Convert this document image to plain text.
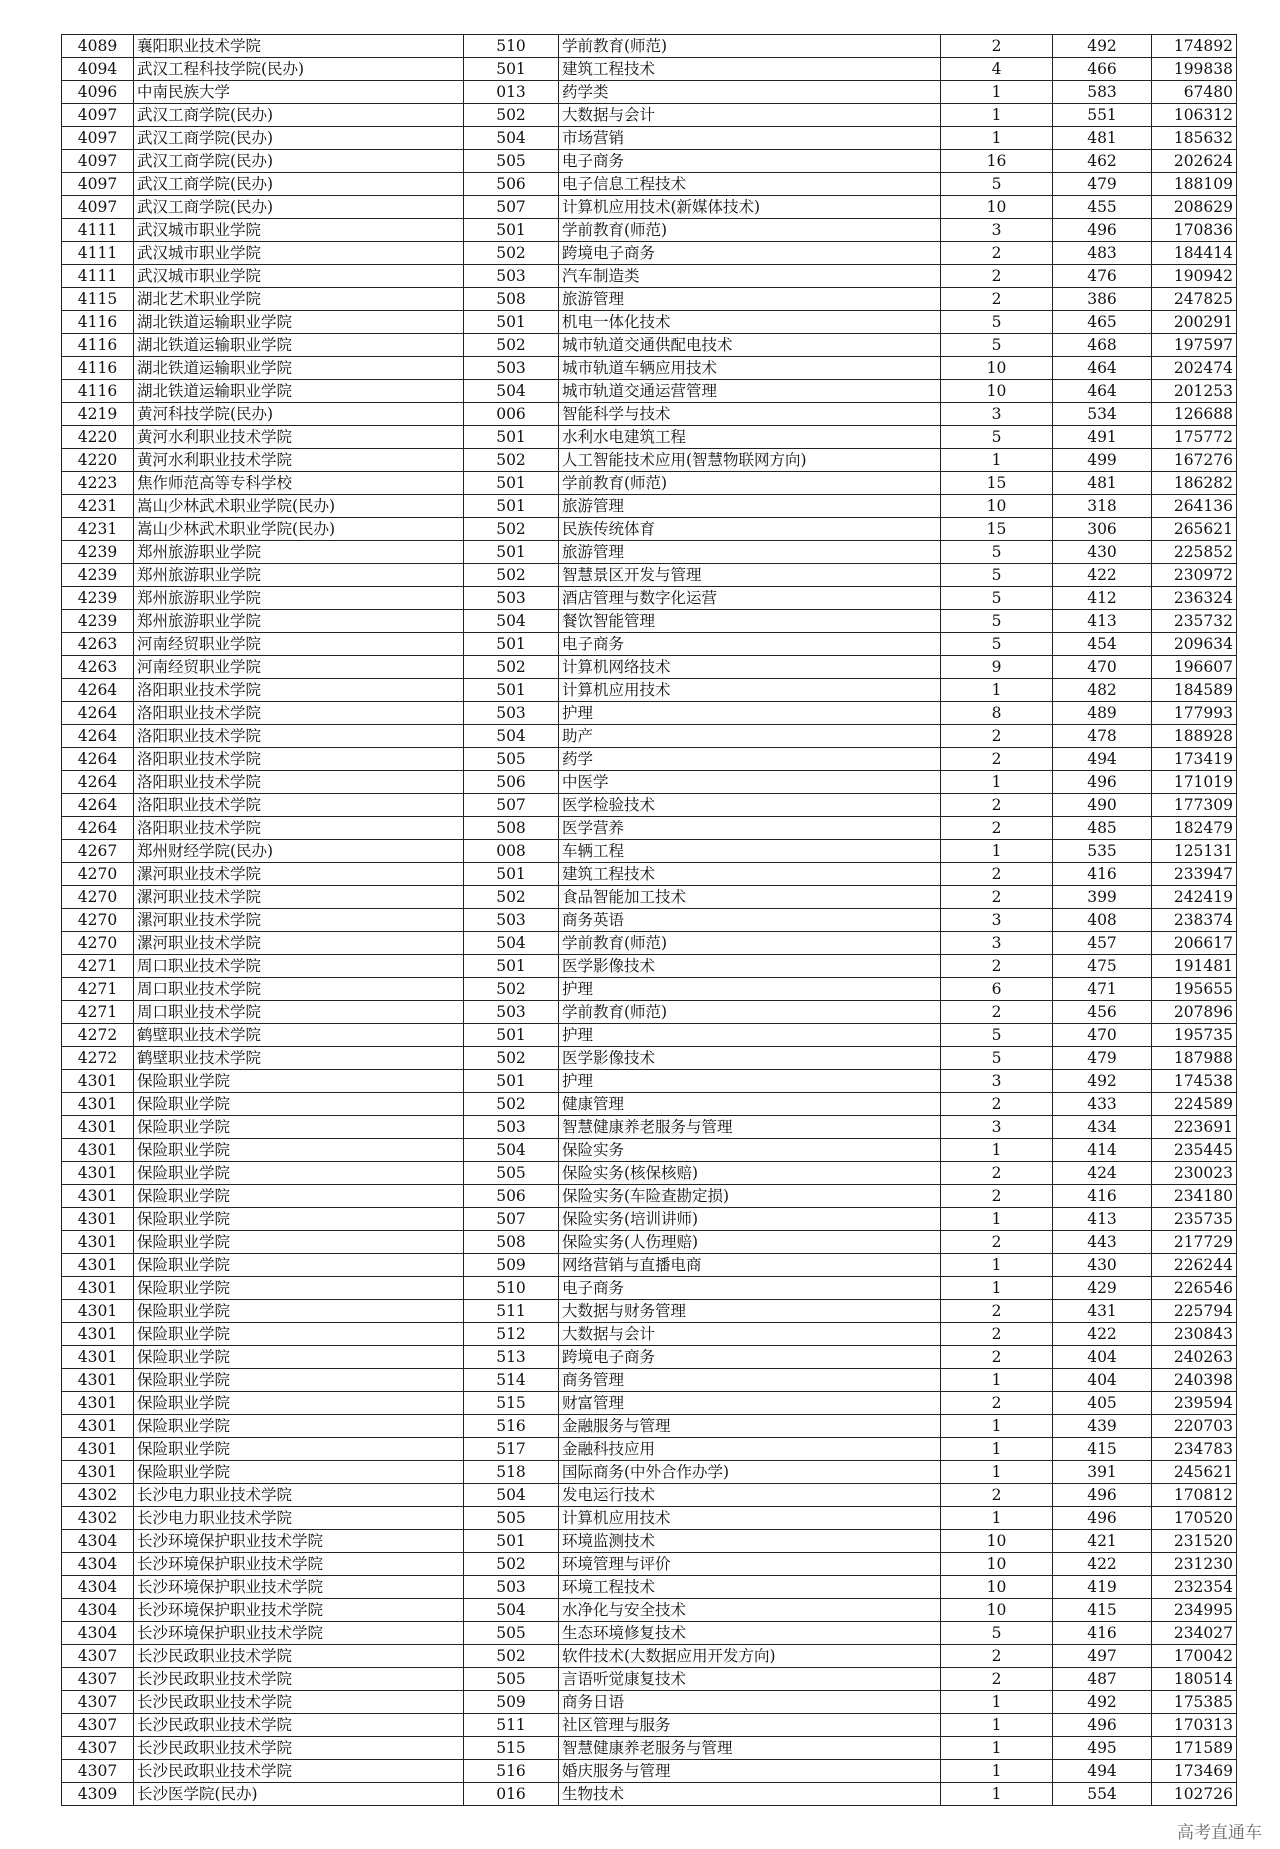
4089	襄阳职业技术学院	510	学前教育(师范)	2	492	174892
4094	武汉工程科技学院(民办)	501	建筑工程技术	4	466	199838
4096	中南民族大学	013	药学类	1	583	67480
4097	武汉工商学院(民办)	502	大数据与会计	1	551	106312
4097	武汉工商学院(民办)	504	市场营销	1	481	185632
4097	武汉工商学院(民办)	505	电子商务	16	462	202624
4097	武汉工商学院(民办)	506	电子信息工程技术	5	479	188109
4097	武汉工商学院(民办)	507	计算机应用技术(新媒体技术)	10	455	208629
4111	武汉城市职业学院	501	学前教育(师范)	3	496	170836
4111	武汉城市职业学院	502	跨境电子商务	2	483	184414
4111	武汉城市职业学院	503	汽车制造类	2	476	190942
4115	湖北艺术职业学院	508	旅游管理	2	386	247825
4116	湖北铁道运输职业学院	501	机电一体化技术	5	465	200291
4116	湖北铁道运输职业学院	502	城市轨道交通供配电技术	5	468	197597
4116	湖北铁道运输职业学院	503	城市轨道车辆应用技术	10	464	202474
4116	湖北铁道运输职业学院	504	城市轨道交通运营管理	10	464	201253
4219	黄河科技学院(民办)	006	智能科学与技术	3	534	126688
4220	黄河水利职业技术学院	501	水利水电建筑工程	5	491	175772
4220	黄河水利职业技术学院	502	人工智能技术应用(智慧物联网方向)	1	499	167276
4223	焦作师范高等专科学校	501	学前教育(师范)	15	481	186282
4231	嵩山少林武术职业学院(民办)	501	旅游管理	10	318	264136
4231	嵩山少林武术职业学院(民办)	502	民族传统体育	15	306	265621
4239	郑州旅游职业学院	501	旅游管理	5	430	225852
4239	郑州旅游职业学院	502	智慧景区开发与管理	5	422	230972
4239	郑州旅游职业学院	503	酒店管理与数字化运营	5	412	236324
4239	郑州旅游职业学院	504	餐饮智能管理	5	413	235732
4263	河南经贸职业学院	501	电子商务	5	454	209634
4263	河南经贸职业学院	502	计算机网络技术	9	470	196607
4264	洛阳职业技术学院	501	计算机应用技术	1	482	184589
4264	洛阳职业技术学院	503	护理	8	489	177993
4264	洛阳职业技术学院	504	助产	2	478	188928
4264	洛阳职业技术学院	505	药学	2	494	173419
4264	洛阳职业技术学院	506	中医学	1	496	171019
4264	洛阳职业技术学院	507	医学检验技术	2	490	177309
4264	洛阳职业技术学院	508	医学营养	2	485	182479
4267	郑州财经学院(民办)	008	车辆工程	1	535	125131
4270	漯河职业技术学院	501	建筑工程技术	2	416	233947
4270	漯河职业技术学院	502	食品智能加工技术	2	399	242419
4270	漯河职业技术学院	503	商务英语	3	408	238374
4270	漯河职业技术学院	504	学前教育(师范)	3	457	206617
4271	周口职业技术学院	501	医学影像技术	2	475	191481
4271	周口职业技术学院	502	护理	6	471	195655
4271	周口职业技术学院	503	学前教育(师范)	2	456	207896
4272	鹤壁职业技术学院	501	护理	5	470	195735
4272	鹤壁职业技术学院	502	医学影像技术	5	479	187988
4301	保险职业学院	501	护理	3	492	174538
4301	保险职业学院	502	健康管理	2	433	224589
4301	保险职业学院	503	智慧健康养老服务与管理	3	434	223691
4301	保险职业学院	504	保险实务	1	414	235445
4301	保险职业学院	505	保险实务(核保核赔)	2	424	230023
4301	保险职业学院	506	保险实务(车险查勘定损)	2	416	234180
4301	保险职业学院	507	保险实务(培训讲师)	1	413	235735
4301	保险职业学院	508	保险实务(人伤理赔)	2	443	217729
4301	保险职业学院	509	网络营销与直播电商	1	430	226244
4301	保险职业学院	510	电子商务	1	429	226546
4301	保险职业学院	511	大数据与财务管理	2	431	225794
4301	保险职业学院	512	大数据与会计	2	422	230843
4301	保险职业学院	513	跨境电子商务	2	404	240263
4301	保险职业学院	514	商务管理	1	404	240398
4301	保险职业学院	515	财富管理	2	405	239594
4301	保险职业学院	516	金融服务与管理	1	439	220703
4301	保险职业学院	517	金融科技应用	1	415	234783
4301	保险职业学院	518	国际商务(中外合作办学)	1	391	245621
4302	长沙电力职业技术学院	504	发电运行技术	2	496	170812
4302	长沙电力职业技术学院	505	计算机应用技术	1	496	170520
4304	长沙环境保护职业技术学院	501	环境监测技术	10	421	231520
4304	长沙环境保护职业技术学院	502	环境管理与评价	10	422	231230
4304	长沙环境保护职业技术学院	503	环境工程技术	10	419	232354
4304	长沙环境保护职业技术学院	504	水净化与安全技术	10	415	234995
4304	长沙环境保护职业技术学院	505	生态环境修复技术	5	416	234027
4307	长沙民政职业技术学院	502	软件技术(大数据应用开发方向)	2	497	170042
4307	长沙民政职业技术学院	505	言语听觉康复技术	2	487	180514
4307	长沙民政职业技术学院	509	商务日语	1	492	175385
4307	长沙民政职业技术学院	511	社区管理与服务	1	496	170313
4307	长沙民政职业技术学院	515	智慧健康养老服务与管理	1	495	171589
4307	长沙民政职业技术学院	516	婚庆服务与管理	1	494	173469
4309	长沙医学院(民办)	016	生物技术	1	554	102726
高考直通车
